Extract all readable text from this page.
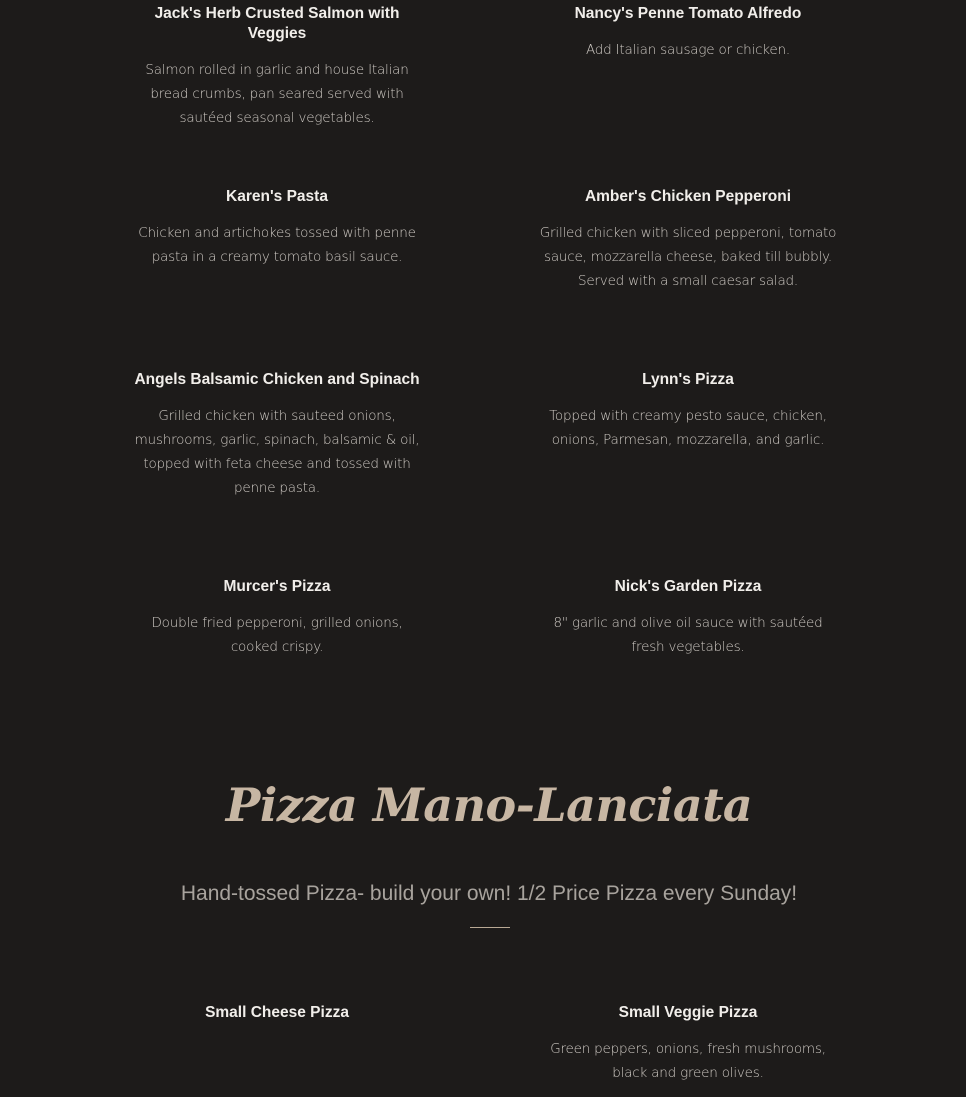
Jack's Herb Crusted Salmon with Veggies

Salmon rolled in garlic and house Italian bread crumbs, pan seared served with sautéed seasonal vegetables.

Nancy's Penne Tomato Alfredo

Add Italian sausage or chicken.

Karen's Pasta

Chicken and artichokes tossed with penne pasta in a creamy tomato basil sauce.

Amber's Chicken Pepperoni

Grilled chicken with sliced pepperoni, tomato sauce, mozzarella cheese, baked till bubbly. Served with a small caesar salad.

Angels Balsamic Chicken and Spinach

Grilled chicken with sauteed onions, mushrooms, garlic, spinach, balsamic & oil, topped with feta cheese and tossed with penne pasta.

Lynn's Pizza

Topped with creamy pesto sauce, chicken, onions, Parmesan, mozzarella, and garlic.

Murcer's Pizza

Double fried pepperoni, grilled onions, cooked crispy.

Nick's Garden Pizza

8" garlic and olive oil sauce with sautéed fresh vegetables.

Pizza Mano-Lanciata

Hand-tossed Pizza- build your own! 1/2 Price Pizza every Sunday!

Small Cheese Pizza	Small Veggie Pizza

Green peppers, onions, fresh mushrooms, black and green olives.
